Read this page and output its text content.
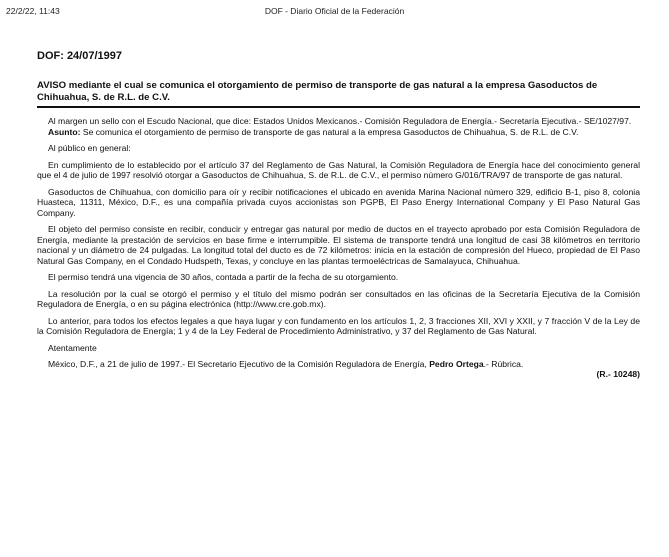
22/2/22, 11:43	DOF - Diario Oficial de la Federación
DOF: 24/07/1997
AVISO mediante el cual se comunica el otorgamiento de permiso de transporte de gas natural a la empresa Gasoductos de Chihuahua, S. de R.L. de C.V.

Al margen un sello con el Escudo Nacional, que dice: Estados Unidos Mexicanos.- Comisión Reguladora de Energía.- Secretaría Ejecutiva.- SE/1027/97.

Asunto: Se comunica el otorgamiento de permiso de transporte de gas natural a la empresa Gasoductos de Chihuahua, S. de R.L. de C.V.

Al público en general:

En cumplimiento de lo establecido por el artículo 37 del Reglamento de Gas Natural, la Comisión Reguladora de Energía hace del conocimiento general que el 4 de julio de 1997 resolvió otorgar a Gasoductos de Chihuahua, S. de R.L. de C.V., el permiso número G/016/TRA/97 de transporte de gas natural.

Gasoductos de Chihuahua, con domicilio para oír y recibir notificaciones el ubicado en avenida Marina Nacional número 329, edificio B-1, piso 8, colonia Huasteca, 11311, México, D.F., es una compañía privada cuyos accionistas son PGPB, El Paso Energy International Company y El Paso Natural Gas Company.

El objeto del permiso consiste en recibir, conducir y entregar gas natural por medio de ductos en el trayecto aprobado por esta Comisión Reguladora de Energía, mediante la prestación de servicios en base firme e interrumpible. El sistema de transporte tendrá una longitud de casi 38 kilómetros en territorio nacional y un diámetro de 24 pulgadas. La longitud total del ducto es de 72 kilómetros: inicia en la estación de compresión del Hueco, propiedad de El Paso Natural Gas Company, en el Condado Hudspeth, Texas, y concluye en las plantas termoeléctricas de Samalayuca, Chihuahua.

El permiso tendrá una vigencia de 30 años, contada a partir de la fecha de su otorgamiento.

La resolución por la cual se otorgó el permiso y el título del mismo podrán ser consultados en las oficinas de la Secretaría Ejecutiva de la Comisión Reguladora de Energía, o en su página electrónica (http://www.cre.gob.mx).

Lo anterior, para todos los efectos legales a que haya lugar y con fundamento en los artículos 1, 2, 3 fracciones XII, XVI y XXII, y 7 fracción V de la Ley de la Comisión Reguladora de Energía; 1 y 4 de la Ley Federal de Procedimiento Administrativo, y 37 del Reglamento de Gas Natural.

Atentamente

México, D.F., a 21 de julio de 1997.- El Secretario Ejecutivo de la Comisión Reguladora de Energía, Pedro Ortega.- Rúbrica.

(R.- 10248)
